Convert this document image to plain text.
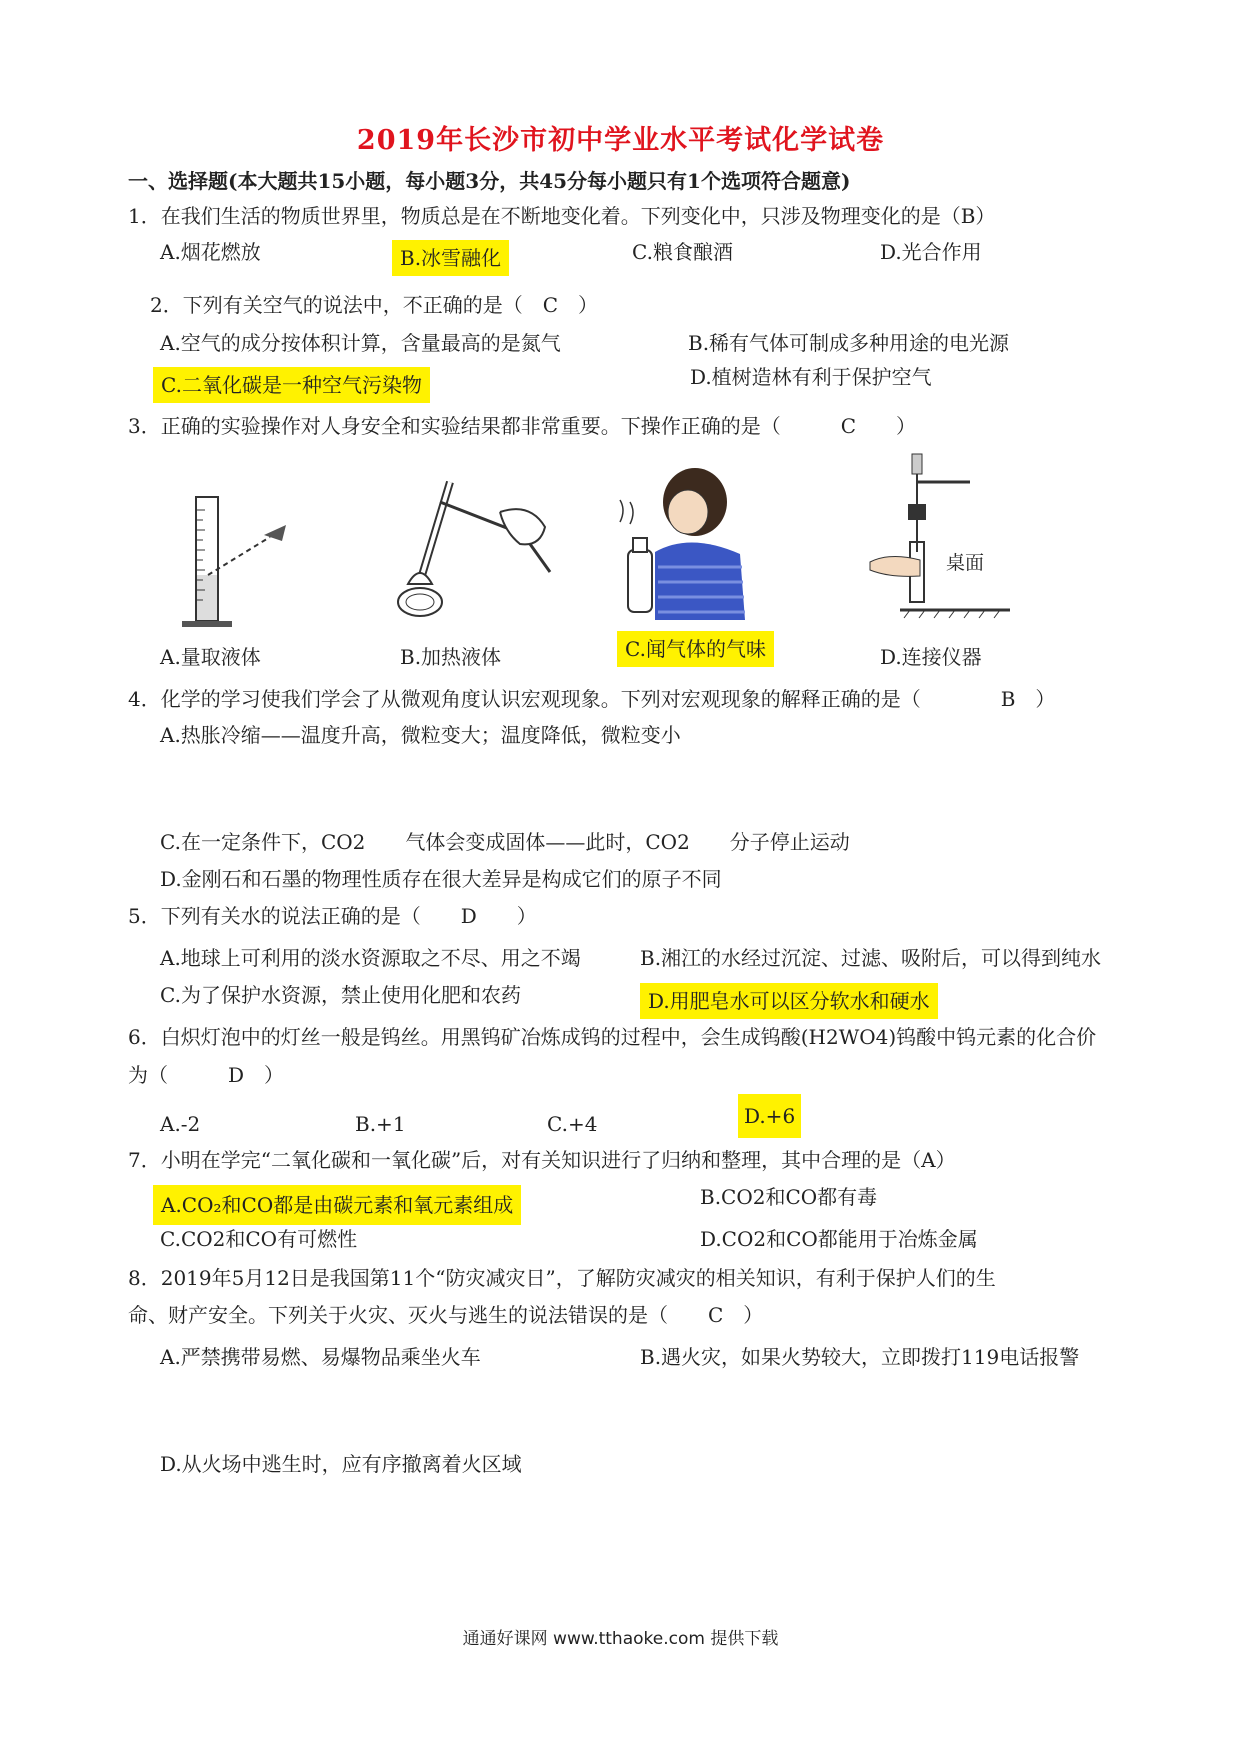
2019年长沙市初中学业水平考试化学试卷
一、选择题(本大题共15小题，每小题3分，共45分每小题只有1个选项符合题意)
1．在我们生活的物质世界里，物质总是在不断地变化着。下列变化中，只涉及物理变化的是（B）
A.烟花燃放	B.冰雪融化	C.粮食酿酒	D.光合作用
2．下列有关空气的说法中，不正确的是（　C　）
A.空气的成分按体积计算，含量最高的是氮气	B.稀有气体可制成多种用途的电光源
C.二氧化碳是一种空气污染物	D.植树造林有利于保护空气
3．正确的实验操作对人身安全和实验结果都非常重要。下操作正确的是（　　　C　　）
桌面
A.量取液体	B.加热液体	C.闻气体的气味	D.连接仪器
4．化学的学习使我们学会了从微观角度认识宏观现象。下列对宏观现象的解释正确的是（　　　　B　）
A.热胀冷缩——温度升高，微粒变大；温度降低，微粒变小
C.在一定条件下，CO2　　气体会变成固体——此时，CO2　　分子停止运动
D.金刚石和石墨的物理性质存在很大差异是构成它们的原子不同
5．下列有关水的说法正确的是（　　D　　）
A.地球上可利用的淡水资源取之不尽、用之不竭	B.湘江的水经过沉淀、过滤、吸附后，可以得到纯水
C.为了保护水资源，禁止使用化肥和农药	D.用肥皂水可以区分软水和硬水
6．白炽灯泡中的灯丝一般是钨丝。用黑钨矿冶炼成钨的过程中，会生成钨酸(H2WO4)钨酸中钨元素的化合价
为（　　　D　）
A.-2	B.+1	C.+4	D.+6
7．小明在学完“二氧化碳和一氧化碳”后，对有关知识进行了归纳和整理，其中合理的是（A）
A.CO₂和CO都是由碳元素和氧元素组成	B.CO2和CO都有毒
C.CO2和CO有可燃性	D.CO2和CO都能用于冶炼金属
8．2019年5月12日是我国第11个“防灾减灾日”，了解防灾减灾的相关知识，有利于保护人们的生
命、财产安全。下列关于火灾、灭火与逃生的说法错误的是（　　C　）
A.严禁携带易燃、易爆物品乘坐火车	B.遇火灾，如果火势较大，立即拨打119电话报警
D.从火场中逃生时，应有序撤离着火区域
通通好课网 www.tthaoke.com 提供下载
